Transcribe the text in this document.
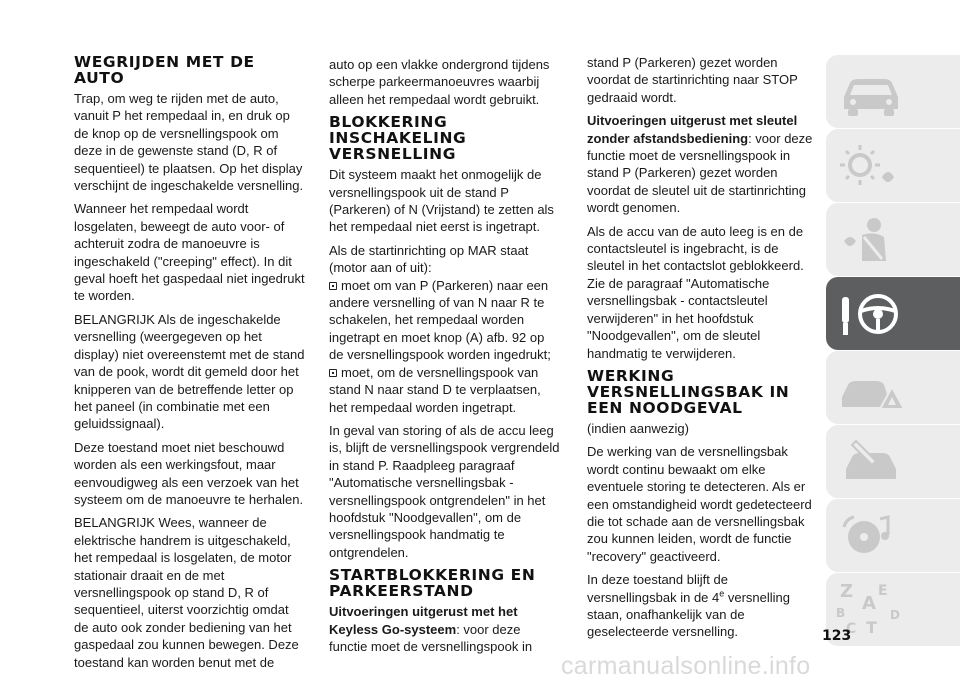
WEGRIJDEN MET DE AUTO

Trap, om weg te rijden met de auto, vanuit P het rempedaal in, en druk op de knop op de versnellingspook om deze in de gewenste stand (D, R of sequentieel) te plaatsen. Op het display verschijnt de ingeschakelde versnelling.

Wanneer het rempedaal wordt losgelaten, beweegt de auto voor- of achteruit zodra de manoeuvre is ingeschakeld ("creeping" effect). In dit geval hoeft het gaspedaal niet ingedrukt te worden.

BELANGRIJK Als de ingeschakelde versnelling (weergegeven op het display) niet overeenstemt met de stand van de pook, wordt dit gemeld door het knipperen van de betreffende letter op het paneel (in combinatie met een geluidssignaal).

Deze toestand moet niet beschouwd worden als een werkingsfout, maar eenvoudigweg als een verzoek van het systeem om de manoeuvre te herhalen.

BELANGRIJK Wees, wanneer de elektrische handrem is uitgeschakeld, het rempedaal is losgelaten, de motor stationair draait en de met versnellingspook op stand D, R of sequentieel, uiterst voorzichtig omdat de auto ook zonder bediening van het gaspedaal zou kunnen bewegen. Deze toestand kan worden benut met de

auto op een vlakke ondergrond tijdens scherpe parkeermanoeuvres waarbij alleen het rempedaal wordt gebruikt.

BLOKKERING INSCHAKELING VERSNELLING

Dit systeem maakt het onmogelijk de versnellingspook uit de stand P (Parkeren) of N (Vrijstand) te zetten als het rempedaal niet eerst is ingetrapt.

Als de startinrichting op MAR staat (motor aan of uit):

moet om van P (Parkeren) naar een andere versnelling of van N naar R te schakelen, het rempedaal worden ingetrapt en moet knop (A) afb. 92 op de versnellingspook worden ingedrukt;

moet, om de versnellingspook van stand N naar stand D te verplaatsen, het rempedaal worden ingetrapt.

In geval van storing of als de accu leeg is, blijft de versnellingspook vergrendeld in stand P. Raadpleeg paragraaf "Automatische versnellingsbak - versnellingspook ontgrendelen" in het hoofdstuk "Noodgevallen", om de versnellingspook handmatig te ontgrendelen.

STARTBLOKKERING EN PARKEERSTAND

Uitvoeringen uitgerust met het Keyless Go-systeem: voor deze functie moet de versnellingspook in

stand P (Parkeren) gezet worden voordat de startinrichting naar STOP gedraaid wordt.

Uitvoeringen uitgerust met sleutel zonder afstandsbediening: voor deze functie moet de versnellingspook in stand P (Parkeren) gezet worden voordat de sleutel uit de startinrichting wordt genomen.

Als de accu van de auto leeg is en de contactsleutel is ingebracht, is de sleutel in het contactslot geblokkeerd. Zie de paragraaf "Automatische versnellingsbak - contactsleutel verwijderen" in het hoofdstuk "Noodgevallen", om de sleutel handmatig te verwijderen.

WERKING VERSNELLINGSBAK IN EEN NOODGEVAL

(indien aanwezig)

De werking van de versnellingsbak wordt continu bewaakt om elke eventuele storing te detecteren. Als er een omstandigheid wordt gedetecteerd die tot schade aan de versnellingsbak zou kunnen leiden, wordt de functie "recovery" geactiveerd.

In deze toestand blijft de versnellingsbak in de 4e versnelling staan, onafhankelijk van de geselecteerde versnelling.

Z E
A
B
C T
D
123
carmanualsonline.info
